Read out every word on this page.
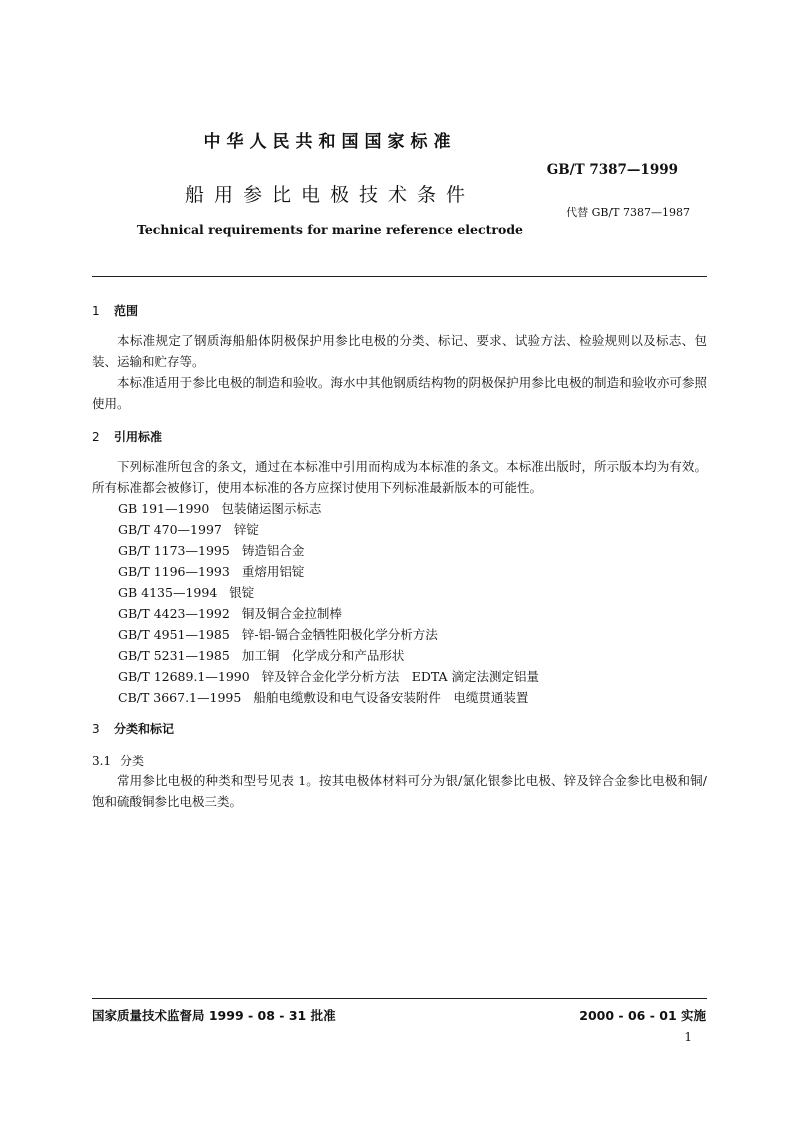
中华人民共和国国家标准
GB/T 7387—1999
船用参比电极技术条件
代替 GB/T 7387—1987
Technical requirements for marine reference electrode
1 范围

本标准规定了钢质海船船体阴极保护用参比电极的分类、标记、要求、试验方法、检验规则以及标志、包装、运输和贮存等。

本标准适用于参比电极的制造和验收。海水中其他钢质结构物的阴极保护用参比电极的制造和验收亦可参照使用。

2 引用标准

下列标准所包含的条文，通过在本标准中引用而构成为本标准的条文。本标准出版时，所示版本均为有效。所有标准都会被修订，使用本标准的各方应探讨使用下列标准最新版本的可能性。

GB 191—1990 包装储运图示标志
GB/T 470—1997 锌锭
GB/T 1173—1995 铸造铝合金
GB/T 1196—1993 重熔用铝锭
GB 4135—1994 银锭
GB/T 4423—1992 铜及铜合金拉制棒
GB/T 4951—1985 锌-铝-镉合金牺牲阳极化学分析方法
GB/T 5231—1985 加工铜　化学成分和产品形状
GB/T 12689.1—1990 锌及锌合金化学分析方法　EDTA 滴定法测定铝量
CB/T 3667.1—1995 船舶电缆敷设和电气设备安装附件　电缆贯通装置
3 分类和标记
3.1 分类

常用参比电极的种类和型号见表 1。按其电极体材料可分为银/氯化银参比电极、锌及锌合金参比电极和铜/饱和硫酸铜参比电极三类。

国家质量技术监督局 1999 - 08 - 31 批准	2000 - 06 - 01 实施
1
